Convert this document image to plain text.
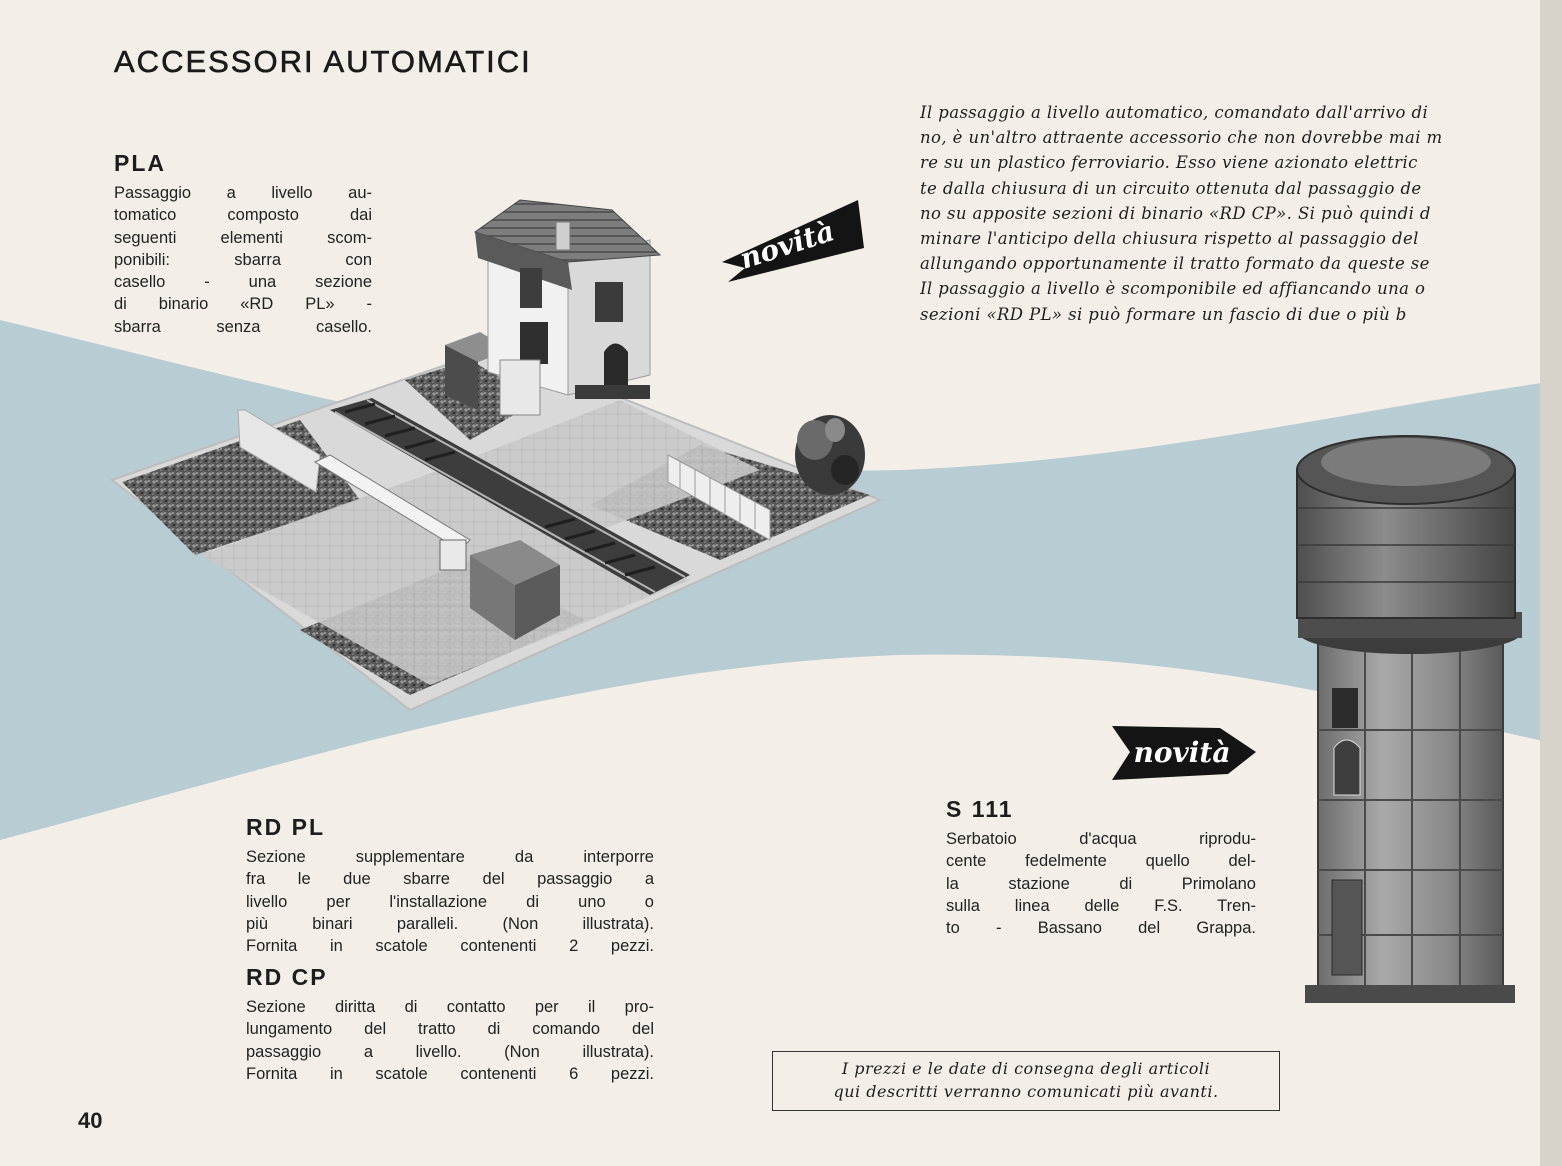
novità
novità
ACCESSORI AUTOMATICI
Il passaggio a livello automatico, comandato dall'arrivo di
no, è un'altro attraente accessorio che non dovrebbe mai m
re su un plastico ferroviario. Esso viene azionato elettric
te dalla chiusura di un circuito ottenuta dal passaggio de
no su apposite sezioni di binario «RD CP». Si può quindi d
minare l'anticipo della chiusura rispetto al passaggio del
allungando opportunamente il tratto formato da queste se
Il passaggio a livello è scomponibile ed affiancando una o
sezioni «RD PL» si può formare un fascio di due o più b
PLA
Passaggio a livello au-
tomatico composto dai
seguenti elementi scom-
ponibili: sbarra con
casello - una sezione
di binario «RD PL» -
sbarra senza casello.
RD PL
Sezione supplementare da interporre
fra le due sbarre del passaggio a
livello per l'installazione di uno o
più binari paralleli. (Non illustrata).
Fornita in scatole contenenti 2 pezzi.
RD CP
Sezione diritta di contatto per il pro-
lungamento del tratto di comando del
passaggio a livello. (Non illustrata).
Fornita in scatole contenenti 6 pezzi.
S 111
Serbatoio d'acqua riprodu-
cente fedelmente quello del-
la stazione di Primolano
sulla linea delle F.S. Tren-
to - Bassano del Grappa.
I prezzi e le date di consegna degli articoli
qui descritti verranno comunicati più avanti.
40
